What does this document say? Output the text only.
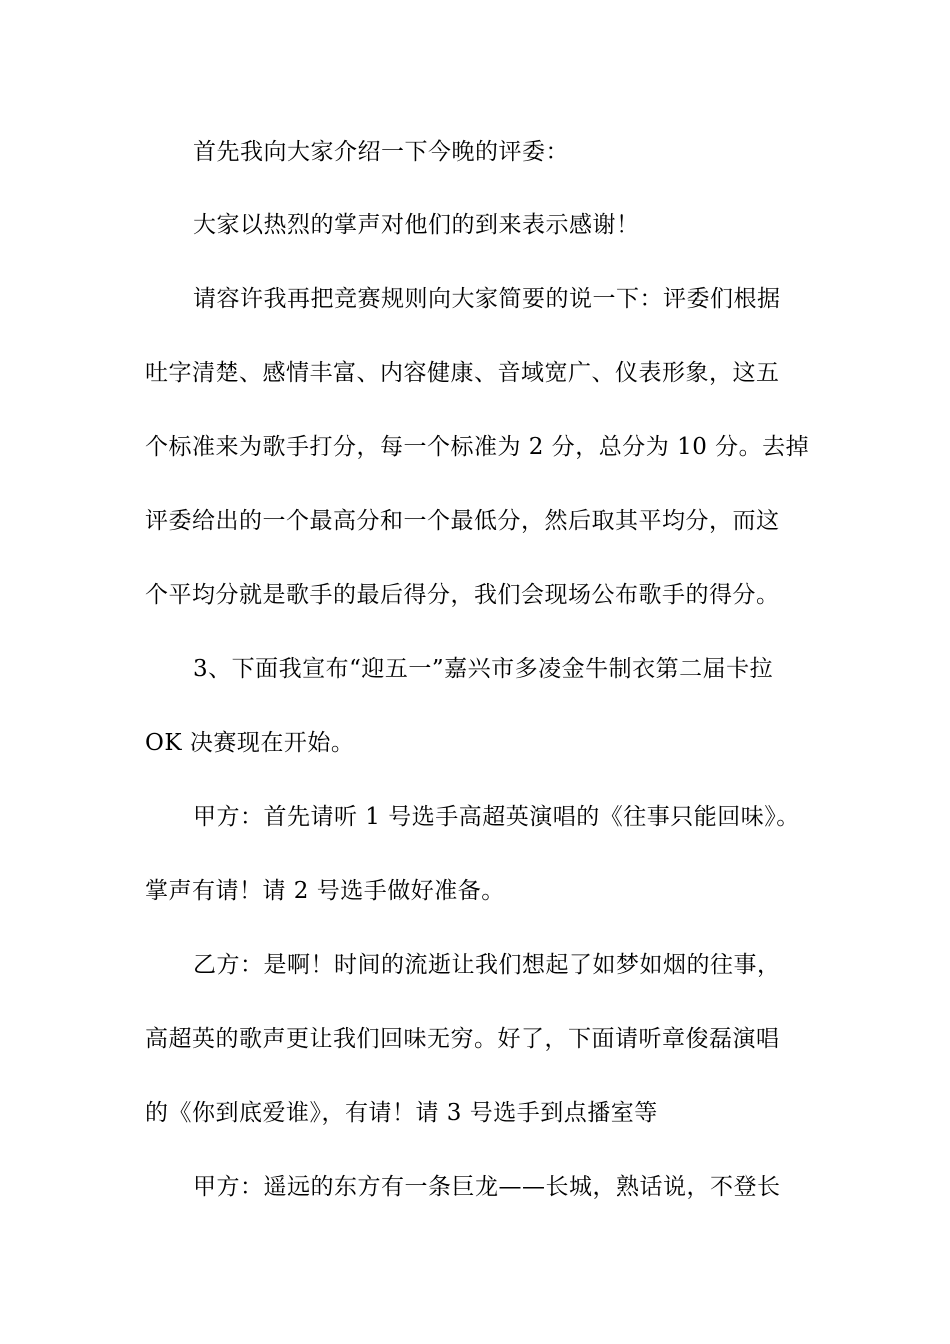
首先我向大家介绍一下今晚的评委：
大家以热烈的掌声对他们的到来表示感谢！
请容许我再把竞赛规则向大家简要的说一下：评委们根据
吐字清楚、感情丰富、内容健康、音域宽广、仪表形象，这五
个标准来为歌手打分，每一个标准为 2 分，总分为 10 分。去掉
评委给出的一个最高分和一个最低分，然后取其平均分，而这
个平均分就是歌手的最后得分，我们会现场公布歌手的得分。
3、下面我宣布“迎五一”嘉兴市多凌金牛制衣第二届卡拉
OK 决赛现在开始。
甲方：首先请听 1 号选手高超英演唱的《往事只能回味》。
掌声有请！请 2 号选手做好准备。
乙方：是啊！时间的流逝让我们想起了如梦如烟的往事，
高超英的歌声更让我们回味无穷。好了，下面请听章俊磊演唱
的《你到底爱谁》，有请！请 3 号选手到点播室等
甲方：遥远的东方有一条巨龙——长城，熟话说，不登长
